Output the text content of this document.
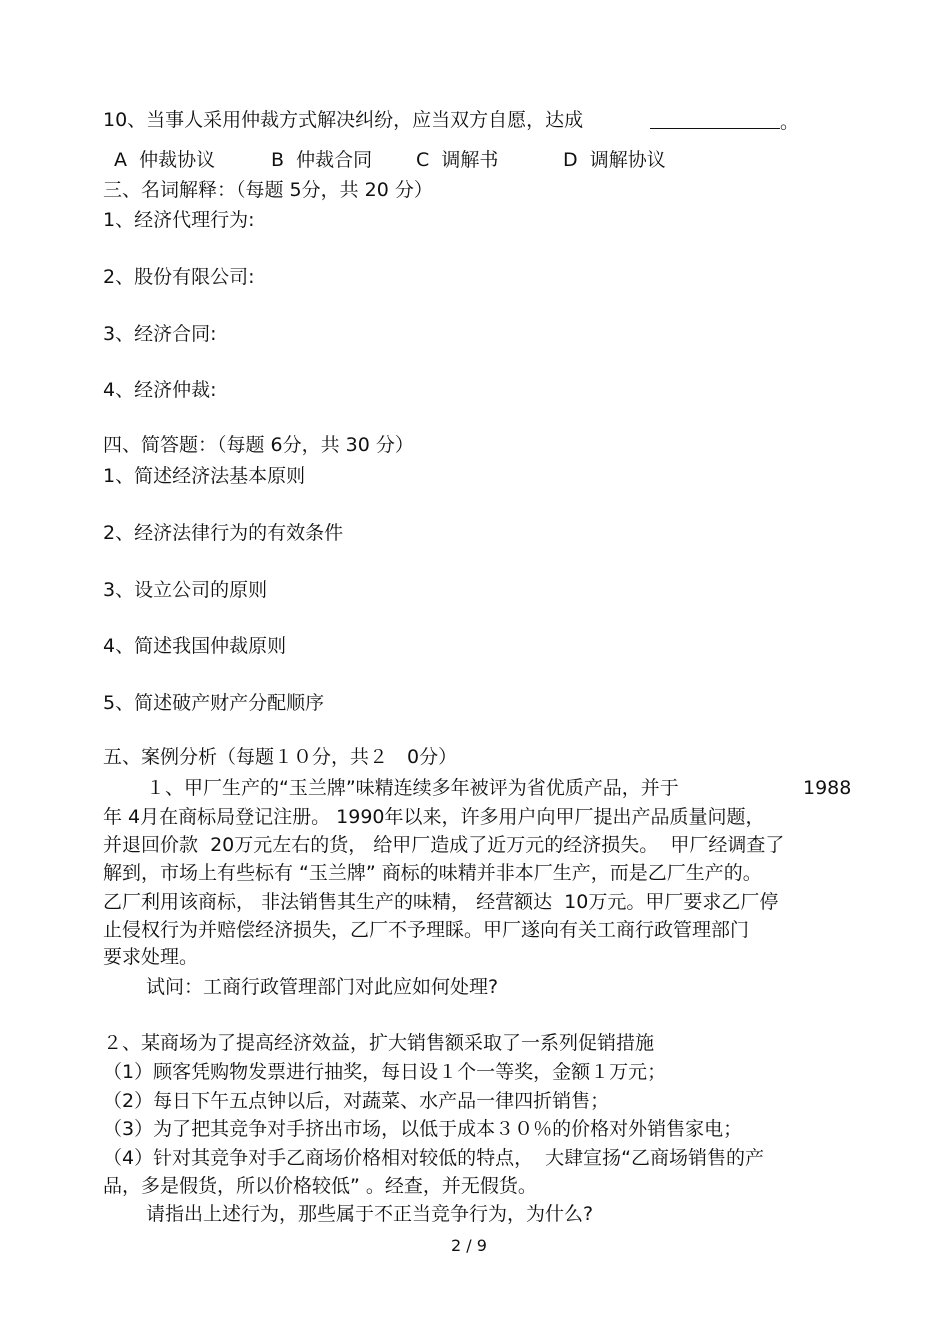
10、当事人采用仲裁方式解决纠纷，应当双方自愿，达成	。
A  仲裁协议	B  仲裁合同 C  调解书	D  调解协议
三、名词解释：（每题 5分，共 20 分）
1、经济代理行为:
2、股份有限公司:
3、经济合同:
4、经济仲裁:
四、简答题：（每题 6分，共 30 分）
1、简述经济法基本原则
2、经济法律行为的有效条件
3、设立公司的原则
4、简述我国仲裁原则
5、简述破产财产分配顺序
五、案例分析（每题１０分，共２　0分）
１、甲厂生产的“玉兰牌”味精连续多年被评为省优质产品，并于	1988
年 4月在商标局登记注册。 1990年以来，许多用户向甲厂提出产品质量问题，
并退回价款  20万元左右的货， 给甲厂造成了近万元的经济损失。  甲厂经调查了
解到，市场上有些标有 “玉兰牌” 商标的味精并非本厂生产，而是乙厂生产的。
乙厂利用该商标， 非法销售其生产的味精， 经营额达  10万元。甲厂要求乙厂停
止侵权行为并赔偿经济损失，乙厂不予理睬。甲厂遂向有关工商行政管理部门
要求处理。
试问：工商行政管理部门对此应如何处理?
２、某商场为了提高经济效益，扩大销售额采取了一系列促销措施
（1）顾客凭购物发票进行抽奖，每日设１个一等奖，金额１万元；
（2）每日下午五点钟以后，对蔬菜、水产品一律四折销售；
（3）为了把其竞争对手挤出市场，以低于成本３０％的价格对外销售家电；
（4）针对其竞争对手乙商场价格相对较低的特点，  大肆宣扬“乙商场销售的产
品，多是假货，所以价格较低” 。经查，并无假货。
请指出上述行为，那些属于不正当竞争行为，为什么?
2 / 9
